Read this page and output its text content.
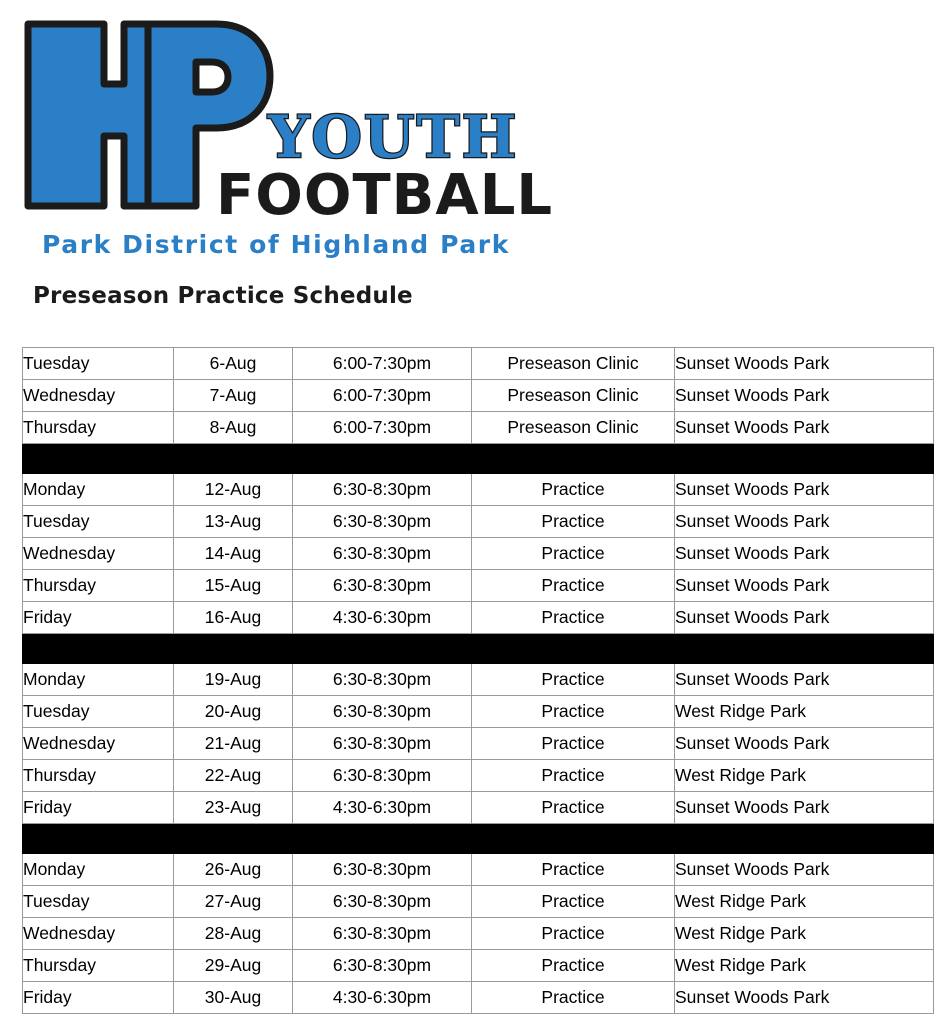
YOUTH
FOOTBALL
Park District of Highland Park
Preseason Practice Schedule
Tuesday	6-Aug	6:00-7:30pm	Preseason Clinic	Sunset Woods Park
Wednesday	7-Aug	6:00-7:30pm	Preseason Clinic	Sunset Woods Park
Thursday	8-Aug	6:00-7:30pm	Preseason Clinic	Sunset Woods Park

Monday	12-Aug	6:30-8:30pm	Practice	Sunset Woods Park
Tuesday	13-Aug	6:30-8:30pm	Practice	Sunset Woods Park
Wednesday	14-Aug	6:30-8:30pm	Practice	Sunset Woods Park
Thursday	15-Aug	6:30-8:30pm	Practice	Sunset Woods Park
Friday	16-Aug	4:30-6:30pm	Practice	Sunset Woods Park

Monday	19-Aug	6:30-8:30pm	Practice	Sunset Woods Park
Tuesday	20-Aug	6:30-8:30pm	Practice	West Ridge Park
Wednesday	21-Aug	6:30-8:30pm	Practice	Sunset Woods Park
Thursday	22-Aug	6:30-8:30pm	Practice	West Ridge Park
Friday	23-Aug	4:30-6:30pm	Practice	Sunset Woods Park

Monday	26-Aug	6:30-8:30pm	Practice	Sunset Woods Park
Tuesday	27-Aug	6:30-8:30pm	Practice	West Ridge Park
Wednesday	28-Aug	6:30-8:30pm	Practice	West Ridge Park
Thursday	29-Aug	6:30-8:30pm	Practice	West Ridge Park
Friday	30-Aug	4:30-6:30pm	Practice	Sunset Woods Park
